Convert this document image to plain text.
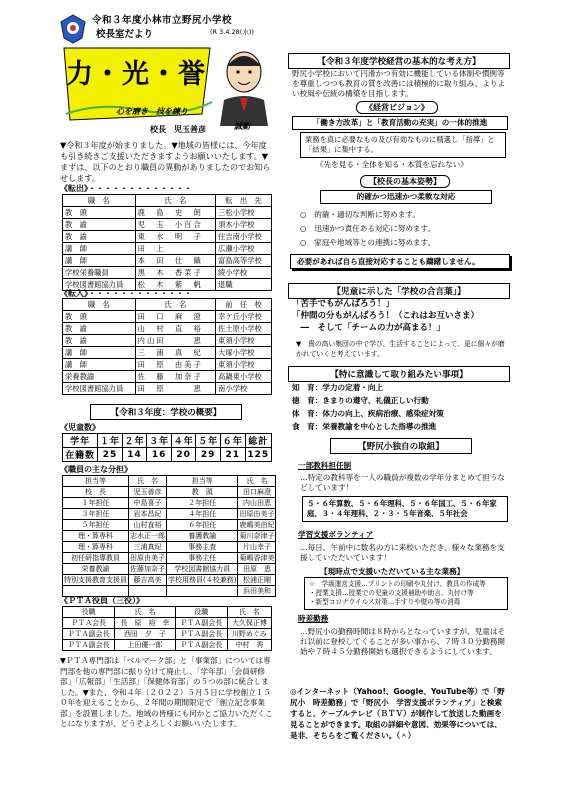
令和３年度小林市立野尻小学校
校長室だより	(R 3.4.28(水))
力・光・誉
心を磨き　技を練り
校長　児玉善彦	誠勤
▼令和３年度が始まりました。▼地域の皆様には、今年度も引き続きご支援いただきますようお願いいたします。▼まずは、以下のとおり職員の異動がありましたのでお知らせします。
《転出》・・・・・・・・・・・・・
職　名	氏　名	転　出　先
教　頭	鹿　島　史　朗	三松小学校
教　諭	児　玉　小百合	須木小学校
教　諭	東　水　明　子	住吉南小学校
講　師	田　上　　　　	広瀬小学校
講　師	本　田　仕　織	富島高等学校
学校栄養職員	黒　木　香菜子	綾小学校
学校図書館協力員	松　木　紫　帆	退職
《転入》・・・・・・・・・・・・・
職　名	氏　名	前　任　校
教　頭	田　口　麻　澄	幸ケ丘小学校
教　諭	山　村　直　裕	佐土原小学校
教　諭	内山田　　　恵	東須小学校
講　師	三　浦　真　紀	大塚小学校
講　師	田　原　由美子	東須小学校
栄養教諭	佐　藤　加奈子	高鍋東小学校
学校図書館協力員	田　原　　　恵	南小学校
【令和３年度：学校の概要】
《児童数》
学年	１年	２年	３年	４年	５年	６年	総計
在籍数	25	14	16	20	29	21	125
《職員の主な分担》
担当等	氏　名	担当等	氏　名
校　長	児玉善彦	教　頭	田口麻澄
１年担任	中島喜子	２年担任	内山田恵
３年担任	岩本昌紀	４年担任	田原由美子
５年担任	山村直裕	６年担任	鹿嶋美由紀
理・算専科	志水正一郎	養護教諭	菊川奈津子
理・算専科	三浦真紀	事務主査	片山幸子
初任研指導教員	田原由美子	事務主任	菊嶋香津美
栄養教諭	佐藤加奈子	学校図書館協力員	田原　恵
特別支援教育支援員	藤吉高美	学校用務員(４校兼務)	松浦正剛
			浜田美和
《ＰＴＡ役員（三役）》
役職	氏　名	役職	氏　名
ＰＴＡ会長	長　原　裕　幸	ＰＴＡ副会長	大久保正博
ＰＴＡ副会長	西田　夕　子	ＰＴＡ副会長	川野めぐみ
ＰＴＡ副会長	上田優一郎	ＰＴＡ副会長	中村　秀
▼ＰＴＡ専門部は「ベルマーク部」と「事業部」については専門部を他の専門部に振り分けて廃止し、「学年部」「会員研修部」「広報部」「生活部」「保健体育部」の５つの部に統合しました。▼また、令和４年（２０２２）５月５日に学校創立１５０年を迎えることから、２年間の期間限定で「創立記念事業部」を設置しました。地域の皆様にも何かとご協力いただくことになりますが、どうぞよろしくお願いいたします。
【令和３年度学校経営の基本的な考え方】
野尻小学校において円滑かつ有効に機能している体制や慣例等を尊重しつつも教育の質を改善には積極的に取り組み、よりよい校風や伝統の構築を目指します。
《経営ビジョン》
「働き方改革」と「教育活動の充実」の一体的推進
業務を真に必要なもの及び有効なものに精選し「指導」と「結果」に集中する。
《先を見る・全体を知る・本質を忘れない》
【校長の基本姿勢】
的確かつ迅速かつ柔軟な対応
○　的確・適切な判断に努めます。
○　迅速かつ責任ある対応に努めます。
○　家庭や地域等との連携に努めます。
必要があれば自ら直接対応することも躊躇しません。
【児童に示した「学校の合言葉」】
「苦手でもがんばろう！」
「仲間の分もがんばろう！（これはお互いさま）
　―　そして「チームの力が高まる！」
▼　貴の高い集団の中で学び、生活することによって、更に個々が磨かれていくと考えています。
【特に意識して取り組みたい事項】
知　育：学力の定着・向上
徳　育：きまりの遵守、礼儀正しい行動
体　育：体力の向上、疾病治療、感染症対策
食　育：栄養教諭を中心とした指導の推進
【野尻小独自の取組】
一部教科担任制
…特定の教科等を一人の職員が複数の学年分まとめて担うなどしています！
５・６年算数、５・６年理科、５・６年国工、５・６年家庭、３・４年理科、２・３・５年音楽、５年社会
学習支援ボランティア
…毎日、午前中に数名の方に来校いただき、様々な業務を支援していただいています！
【現時点で支援いただいている主な業務】
☆　学級運営支援…プリントの印刷や丸付け、教具の作成等
・授業支援…授業での児童の支援補助や助言、丸付け等
・新型コロナウイルス対策…手すりや壁の等の消毒
時差勤務
…野尻小の勤務時間は８時からとなっていますが、児童はそれ以前に登校してくることが多い事から、７時３０分勤務開始や７時４５分勤務開始も選択できるようにしています。
◎インターネット（Yahoo!、Google、YouTube等）で「野尻小　時差勤務」で「野尻小　学習支援ボランティア」と検索すると、ケーブルテレビ（ＢＴＶ）が制作して放送した動画を見ることができます。取組の詳細や意図、効果等については、是非、そちらをご覧ください。（＾）
